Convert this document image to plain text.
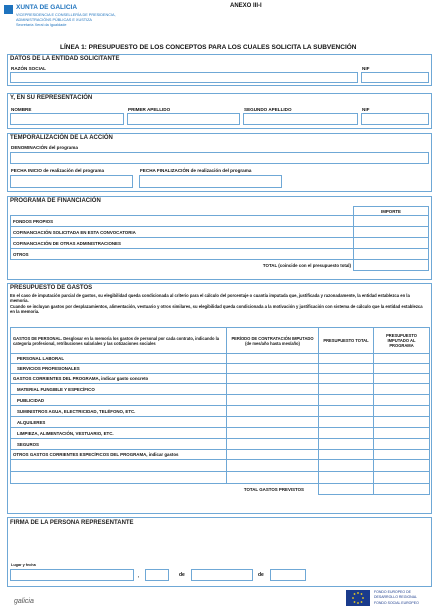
XUNTA DE GALICIA
VICEPRESIDENCIA E CONSELLERÍA DE PRESIDENCIA,
ADMINISTRACIÓNS PÚBLICAS E XUSTIZA
Secretaría Xeral da Igualdade
ANEXO III-I
LÍNEA 1: PRESUPUESTO DE LOS CONCEPTOS PARA LOS CUALES SOLICITA LA SUBVENCIÓN
DATOS DE LA ENTIDAD SOLICITANTE
RAZÓN SOCIAL	NIF
Y, EN SU REPRESENTACIÓN
NOMBRE	PRIMER APELLIDO	SEGUNDO APELLIDO	NIF
TEMPORALIZACIÓN DE LA ACCIÓN
DENOMINACIÓN del programa
FECHA INICIO de realización del programa	FECHA FINALIZACIÓN de realización del programa
PROGRAMA DE FINANCIACIÓN
	IMPORTE
FONDOS PROPIOS	
COFINANCIACIÓN SOLICITADA EN ESTA CONVOCATORIA	
COFINANCIACIÓN DE OTRAS ADMINISTRACIONES	
OTROS	
TOTAL (coincide con el presupuesto total)	
PRESUPUESTO DE GASTOS
En el caso de imputación parcial de gastos, su elegibilidad queda condicionada al criterio para el cálculo del porcentaje o cuantía imputada que, justificada y razonadamente, la entidad establezca en la memoria.
Cuando se incluyan gastos por desplazamientos, alimentación, vestuario y otros similares, su elegibilidad queda condicionada a la motivación y justificación con sistema de cálculo que la entidad establezca en la memoria.
GASTOS DE PERSONAL. Desglosar en la memoria los gastos de personal por cada contrato, indicando la categoría profesional, retribuciones salariales y las cotizaciones sociales	PERÍODO DE CONTRATACIÓN IMPUTADO (de mes/año hasta mes/año)	PRESUPUESTO TOTAL	PRESUPUESTO IMPUTADO AL PROGRAMA
PERSONAL LABORAL			
SERVICIOS PROFESIONALES			
GASTOS CORRIENTES DEL PROGRAMA, indicar gasto concreto			
MATERIAL FUNGIBLE Y ESPECÍFICO			
PUBLICIDAD			
SUMINISTROS AGUA, ELECTRICIDAD, TELÉFONO, ETC.			
ALQUILERES			
LIMPIEZA, ALIMENTACIÓN, VESTUARIO, ETC.			
SEGUROS			
OTROS GASTOS CORRIENTES ESPECÍFICOS DEL PROGRAMA, indicar gastos			

TOTAL GASTOS PREVISTOS			
FIRMA DE LA PERSONA REPRESENTANTE
Lugar y fecha
,	de	de
galicia
FONDO EUROPEO DE
DESARROLLO REGIONAL
FONDO SOCIAL EUROPEO
